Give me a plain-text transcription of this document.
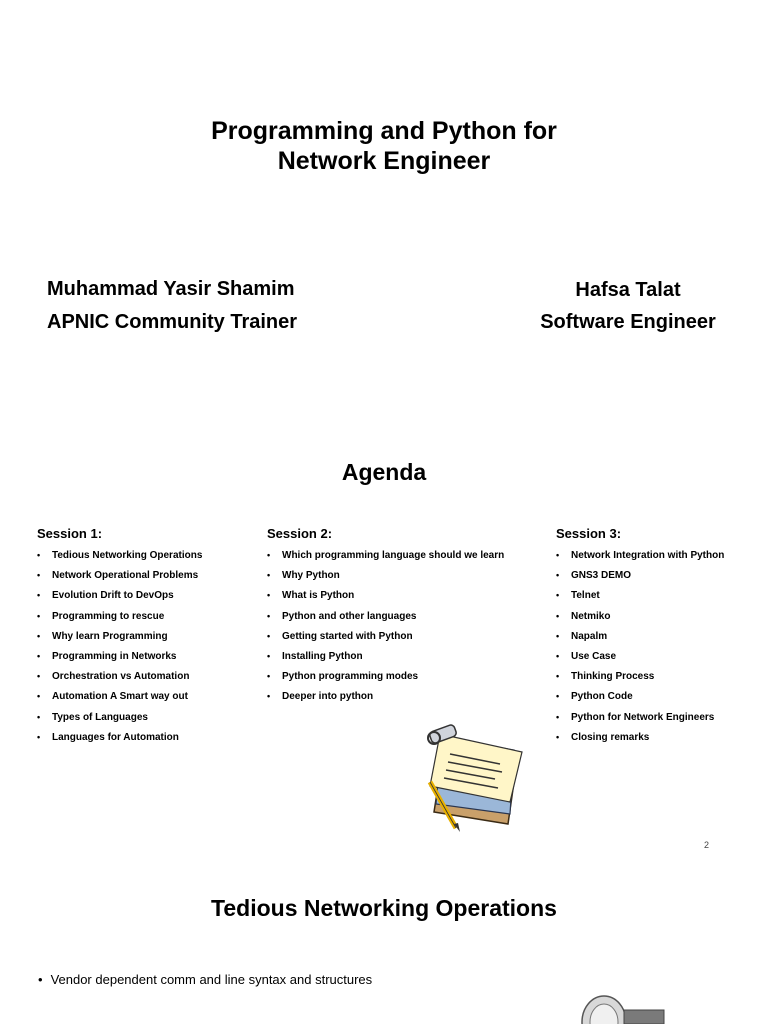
Programming and Python for
Network Engineer
Muhammad Yasir Shamim
APNIC Community Trainer
Hafsa Talat
Software Engineer
Agenda
Session 1:	Session 2:	Session 3:
• Tedious Networking Operations
• Network Operational Problems
• Evolution Drift to DevOps
• Programming to rescue
• Why learn Programming
• Programming in Networks
• Orchestration vs Automation
• Automation A Smart way out
• Types of Languages
• Languages for Automation
• Which programming language should we learn
• Why Python
• What is Python
• Python and other languages
• Getting started with Python
• Installing Python
• Python programming modes
• Deeper into python
• Network Integration with Python
• GNS3 DEMO
• Telnet
• Netmiko
• Napalm
• Use Case
• Thinking Process
• Python Code
• Python for Network Engineers
• Closing remarks
2
Tedious Networking Operations
• Vendor dependent comm and line syntax and structures
